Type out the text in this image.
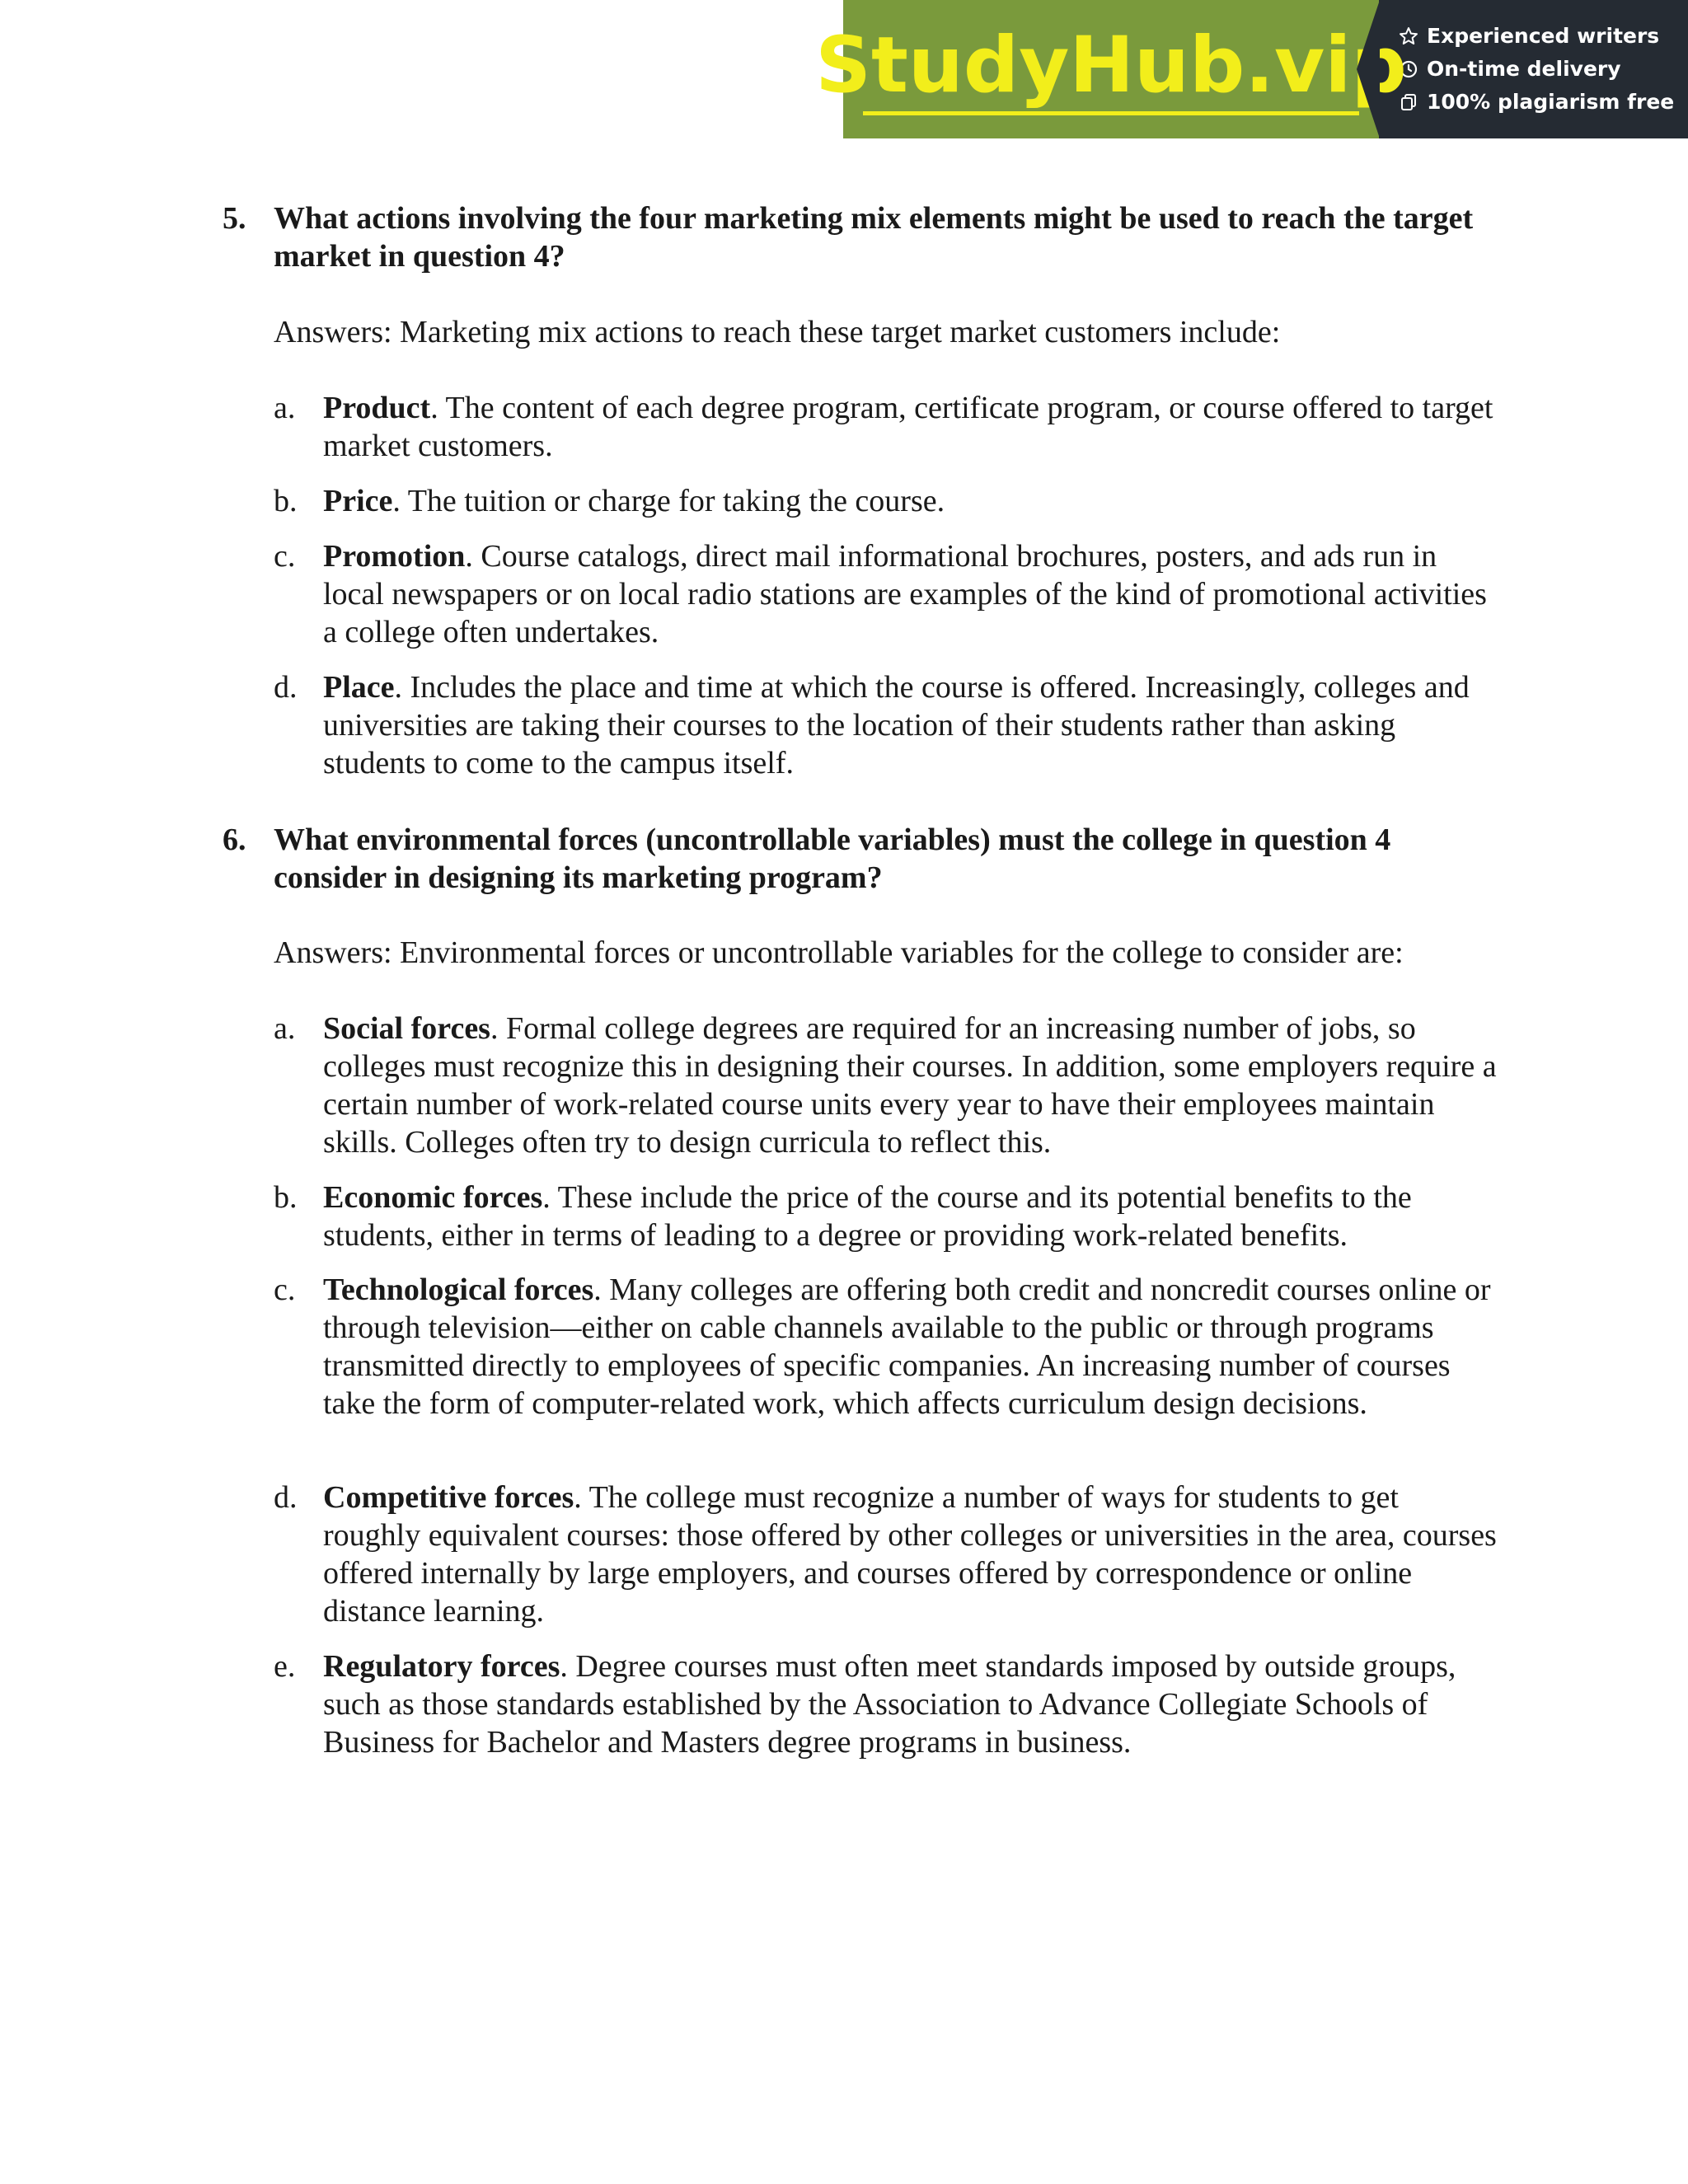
StudyHub.vip Experienced writers
On-time delivery
100% plagiarism free
5. What actions involving the four marketing mix elements might be used to reach the target market in question 4?
Answers: Marketing mix actions to reach these target market customers include:
a. Product. The content of each degree program, certificate program, or course offered to target market customers.
b. Price. The tuition or charge for taking the course.
c. Promotion. Course catalogs, direct mail informational brochures, posters, and ads run in local newspapers or on local radio stations are examples of the kind of promotional activities a college often undertakes.
d. Place. Includes the place and time at which the course is offered. Increasingly, colleges and universities are taking their courses to the location of their students rather than asking students to come to the campus itself.
6. What environmental forces (uncontrollable variables) must the college in question 4 consider in designing its marketing program?
Answers: Environmental forces or uncontrollable variables for the college to consider are:
a. Social forces. Formal college degrees are required for an increasing number of jobs, so colleges must recognize this in designing their courses. In addition, some employers require a certain number of work-related course units every year to have their employees maintain skills. Colleges often try to design curricula to reflect this.
b. Economic forces. These include the price of the course and its potential benefits to the students, either in terms of leading to a degree or providing work-related benefits.
c. Technological forces. Many colleges are offering both credit and noncredit courses online or through television—either on cable channels available to the public or through programs transmitted directly to employees of specific companies. An increasing number of courses take the form of computer-related work, which affects curriculum design decisions.
d. Competitive forces. The college must recognize a number of ways for students to get roughly equivalent courses: those offered by other colleges or universities in the area, courses offered internally by large employers, and courses offered by correspondence or online distance learning.
e. Regulatory forces. Degree courses must often meet standards imposed by outside groups, such as those standards established by the Association to Advance Collegiate Schools of Business for Bachelor and Masters degree programs in business.
